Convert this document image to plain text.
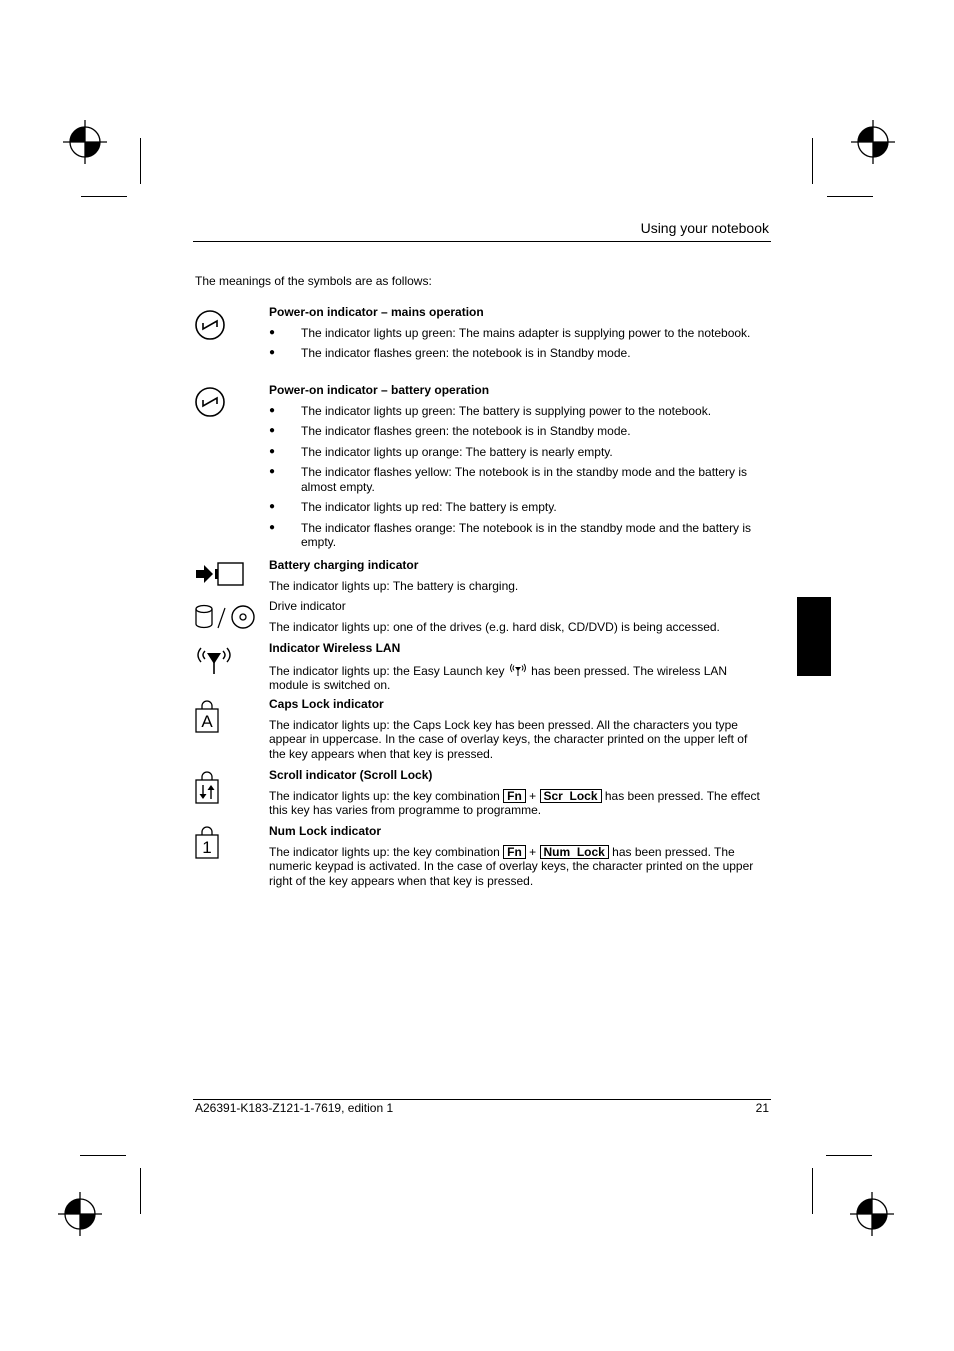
Using your notebook
The meanings of the symbols are as follows:
Power-on indicator – mains operation
● The indicator lights up green: The mains adapter is supplying power to the notebook.
● The indicator flashes green: the notebook is in Standby mode.
Power-on indicator – battery operation
● The indicator lights up green: The battery is supplying power to the notebook.
● The indicator flashes green: the notebook is in Standby mode.
● The indicator lights up orange: The battery is nearly empty.
● The indicator flashes yellow: The notebook is in the standby mode and the battery is almost empty.
● The indicator lights up red: The battery is empty.
● The indicator flashes orange: The notebook is in the standby mode and the battery is empty.
Battery charging indicator

The indicator lights up: The battery is charging.

Drive indicator

The indicator lights up: one of the drives (e.g. hard disk, CD/DVD) is being accessed.

Indicator Wireless LAN

The indicator lights up: the Easy Launch key  has been pressed. The wireless LAN module is switched on.

A
Caps Lock indicator

The indicator lights up: the Caps Lock key has been pressed. All the characters you type appear in uppercase. In the case of overlay keys, the character printed on the upper left of the key appears when that key is pressed.

Scroll indicator (Scroll Lock)

The indicator lights up: the key combination Fn + Scr  Lock has been pressed. The effect this key has varies from programme to programme.

1
Num Lock indicator

The indicator lights up: the key combination Fn + Num  Lock has been pressed. The numeric keypad is activated. In the case of overlay keys, the character printed on the upper right of the key appears when that key is pressed.

A26391-K183-Z121-1-7619, edition 1	21
